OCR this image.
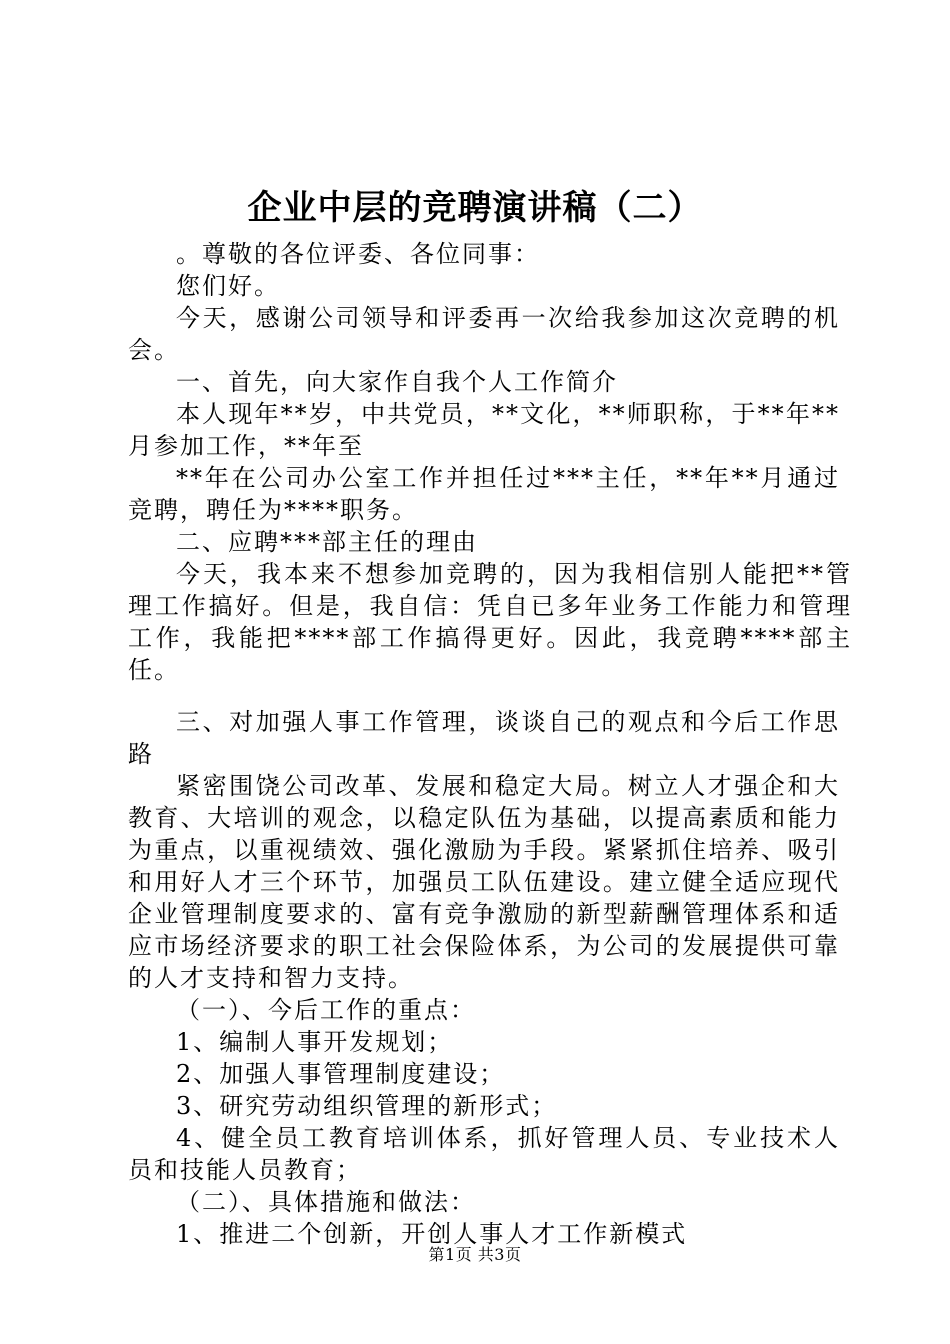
企业中层的竞聘演讲稿（二）

。尊敬的各位评委、各位同事：

您们好。

今天，感谢公司领导和评委再一次给我参加这次竞聘的机会。

一、首先，向大家作自我个人工作简介

本人现年**岁，中共党员，**文化，**师职称，于**年**月参加工作，**年至

**年在公司办公室工作并担任过***主任，**年**月通过竞聘，聘任为****职务。

二、应聘***部主任的理由

今天，我本来不想参加竞聘的，因为我相信别人能把**管理工作搞好。但是，我自信：凭自已多年业务工作能力和管理工作，我能把****部工作搞得更好。因此，我竞聘****部主任。

三、对加强人事工作管理，谈谈自己的观点和今后工作思路

紧密围饶公司改革、发展和稳定大局。树立人才强企和大教育、大培训的观念，以稳定队伍为基础，以提高素质和能力为重点，以重视绩效、强化激励为手段。紧紧抓住培养、吸引和用好人才三个环节，加强员工队伍建设。建立健全适应现代企业管理制度要求的、富有竞争激励的新型薪酬管理体系和适应市场经济要求的职工社会保险体系，为公司的发展提供可靠的人才支持和智力支持。

（一）、今后工作的重点：

1、编制人事开发规划；

2、加强人事管理制度建设；

3、研究劳动组织管理的新形式；

4、健全员工教育培训体系，抓好管理人员、专业技术人员和技能人员教育；

（二）、具体措施和做法：

1、推进二个创新，开创人事人才工作新模式

第1页 共3页
